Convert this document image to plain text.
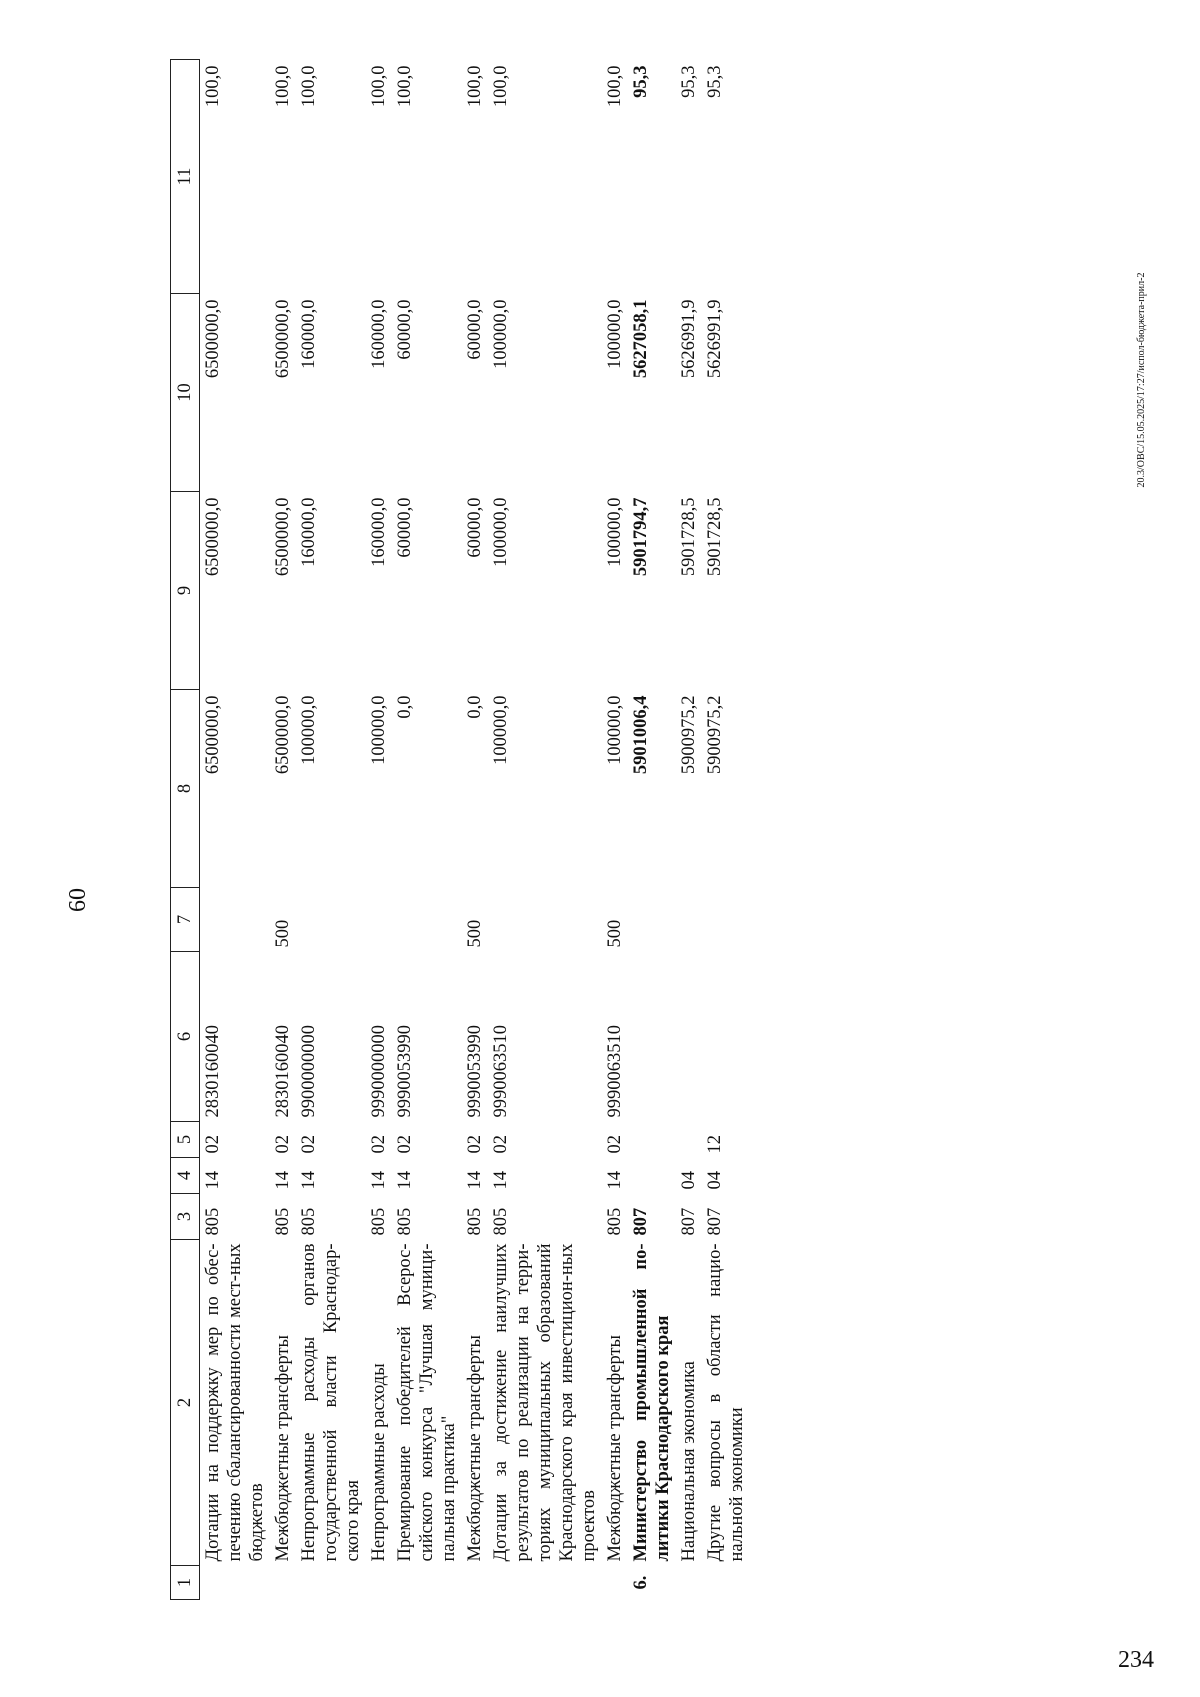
60
234
20.3/ОВС/15.05.2025/17:27/испол-бюджета-прил-2
1	2	3	4	5	6	7	8	9	10	11
	Дотации на поддержку мер по обес-печению сбалансированности мест-ных бюджетов	805	14	02	2830160040		6500000,0	6500000,0	6500000,0	100,0
	Межбюджетные трансферты	805	14	02	2830160040	500	6500000,0	6500000,0	6500000,0	100,0
	Непрограммные расходы органов государственной власти Краснодар-ского края	805	14	02	9900000000		100000,0	160000,0	160000,0	100,0
	Непрограммные расходы	805	14	02	9990000000		100000,0	160000,0	160000,0	100,0
	Премирование победителей Всерос-сийского конкурса "Лучшая муници-пальная практика"	805	14	02	9990053990		0,0	60000,0	60000,0	100,0
	Межбюджетные трансферты	805	14	02	9990053990	500	0,0	60000,0	60000,0	100,0
	Дотации за достижение наилучших результатов по реализации на терри-ториях муниципальных образований Краснодарского края инвестицион-ных проектов	805	14	02	9990063510		100000,0	100000,0	100000,0	100,0
	Межбюджетные трансферты	805	14	02	9990063510	500	100000,0	100000,0	100000,0	100,0
6.	Министерство промышленной по-литики Краснодарского края	807					5901006,4	5901794,7	5627058,1	95,3
	Национальная экономика	807	04				5900975,2	5901728,5	5626991,9	95,3
	Другие вопросы в области нацио-нальной экономики	807	04	12			5900975,2	5901728,5	5626991,9	95,3
